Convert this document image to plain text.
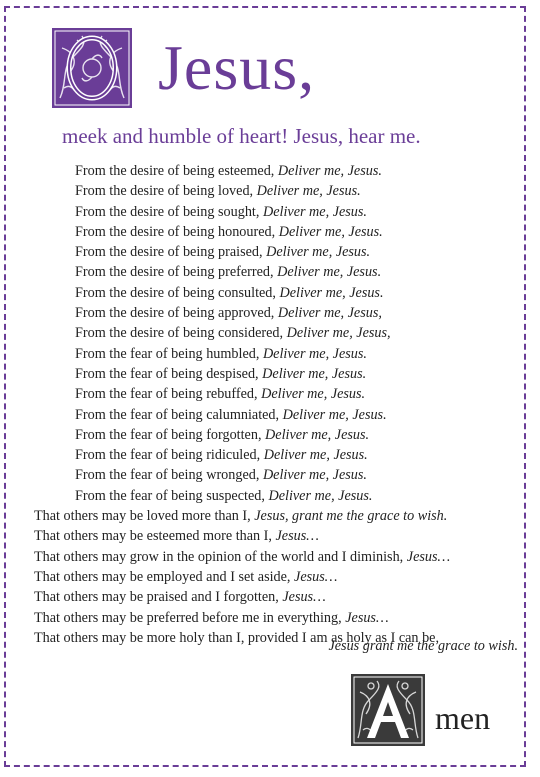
O Jesus,
meek and humble of heart! Jesus, hear me.
From the desire of being esteemed, Deliver me, Jesus.
From the desire of being loved, Deliver me, Jesus.
From the desire of being sought, Deliver me, Jesus.
From the desire of being honoured, Deliver me, Jesus.
From the desire of being praised, Deliver me, Jesus.
From the desire of being preferred, Deliver me, Jesus.
From the desire of being consulted, Deliver me, Jesus.
From the desire of being approved, Deliver me, Jesus,
From the desire of being considered, Deliver me, Jesus,
From the fear of being humbled, Deliver me, Jesus.
From the fear of being despised, Deliver me, Jesus.
From the fear of being rebuffed, Deliver me, Jesus.
From the fear of being calumniated, Deliver me, Jesus.
From the fear of being forgotten, Deliver me, Jesus.
From the fear of being ridiculed, Deliver me, Jesus.
From the fear of being wronged, Deliver me, Jesus.
From the fear of being suspected, Deliver me, Jesus.
That others may be loved more than I, Jesus, grant me the grace to wish.
That others may be esteemed more than I, Jesus…
That others may grow in the opinion of the world and I diminish, Jesus…
That others may be employed and I set aside, Jesus…
That others may be praised and I forgotten, Jesus…
That others may be preferred before me in everything, Jesus…
That others may be more holy than I, provided I am as holy as I can be,
Jesus grant me the grace to wish.
A men
